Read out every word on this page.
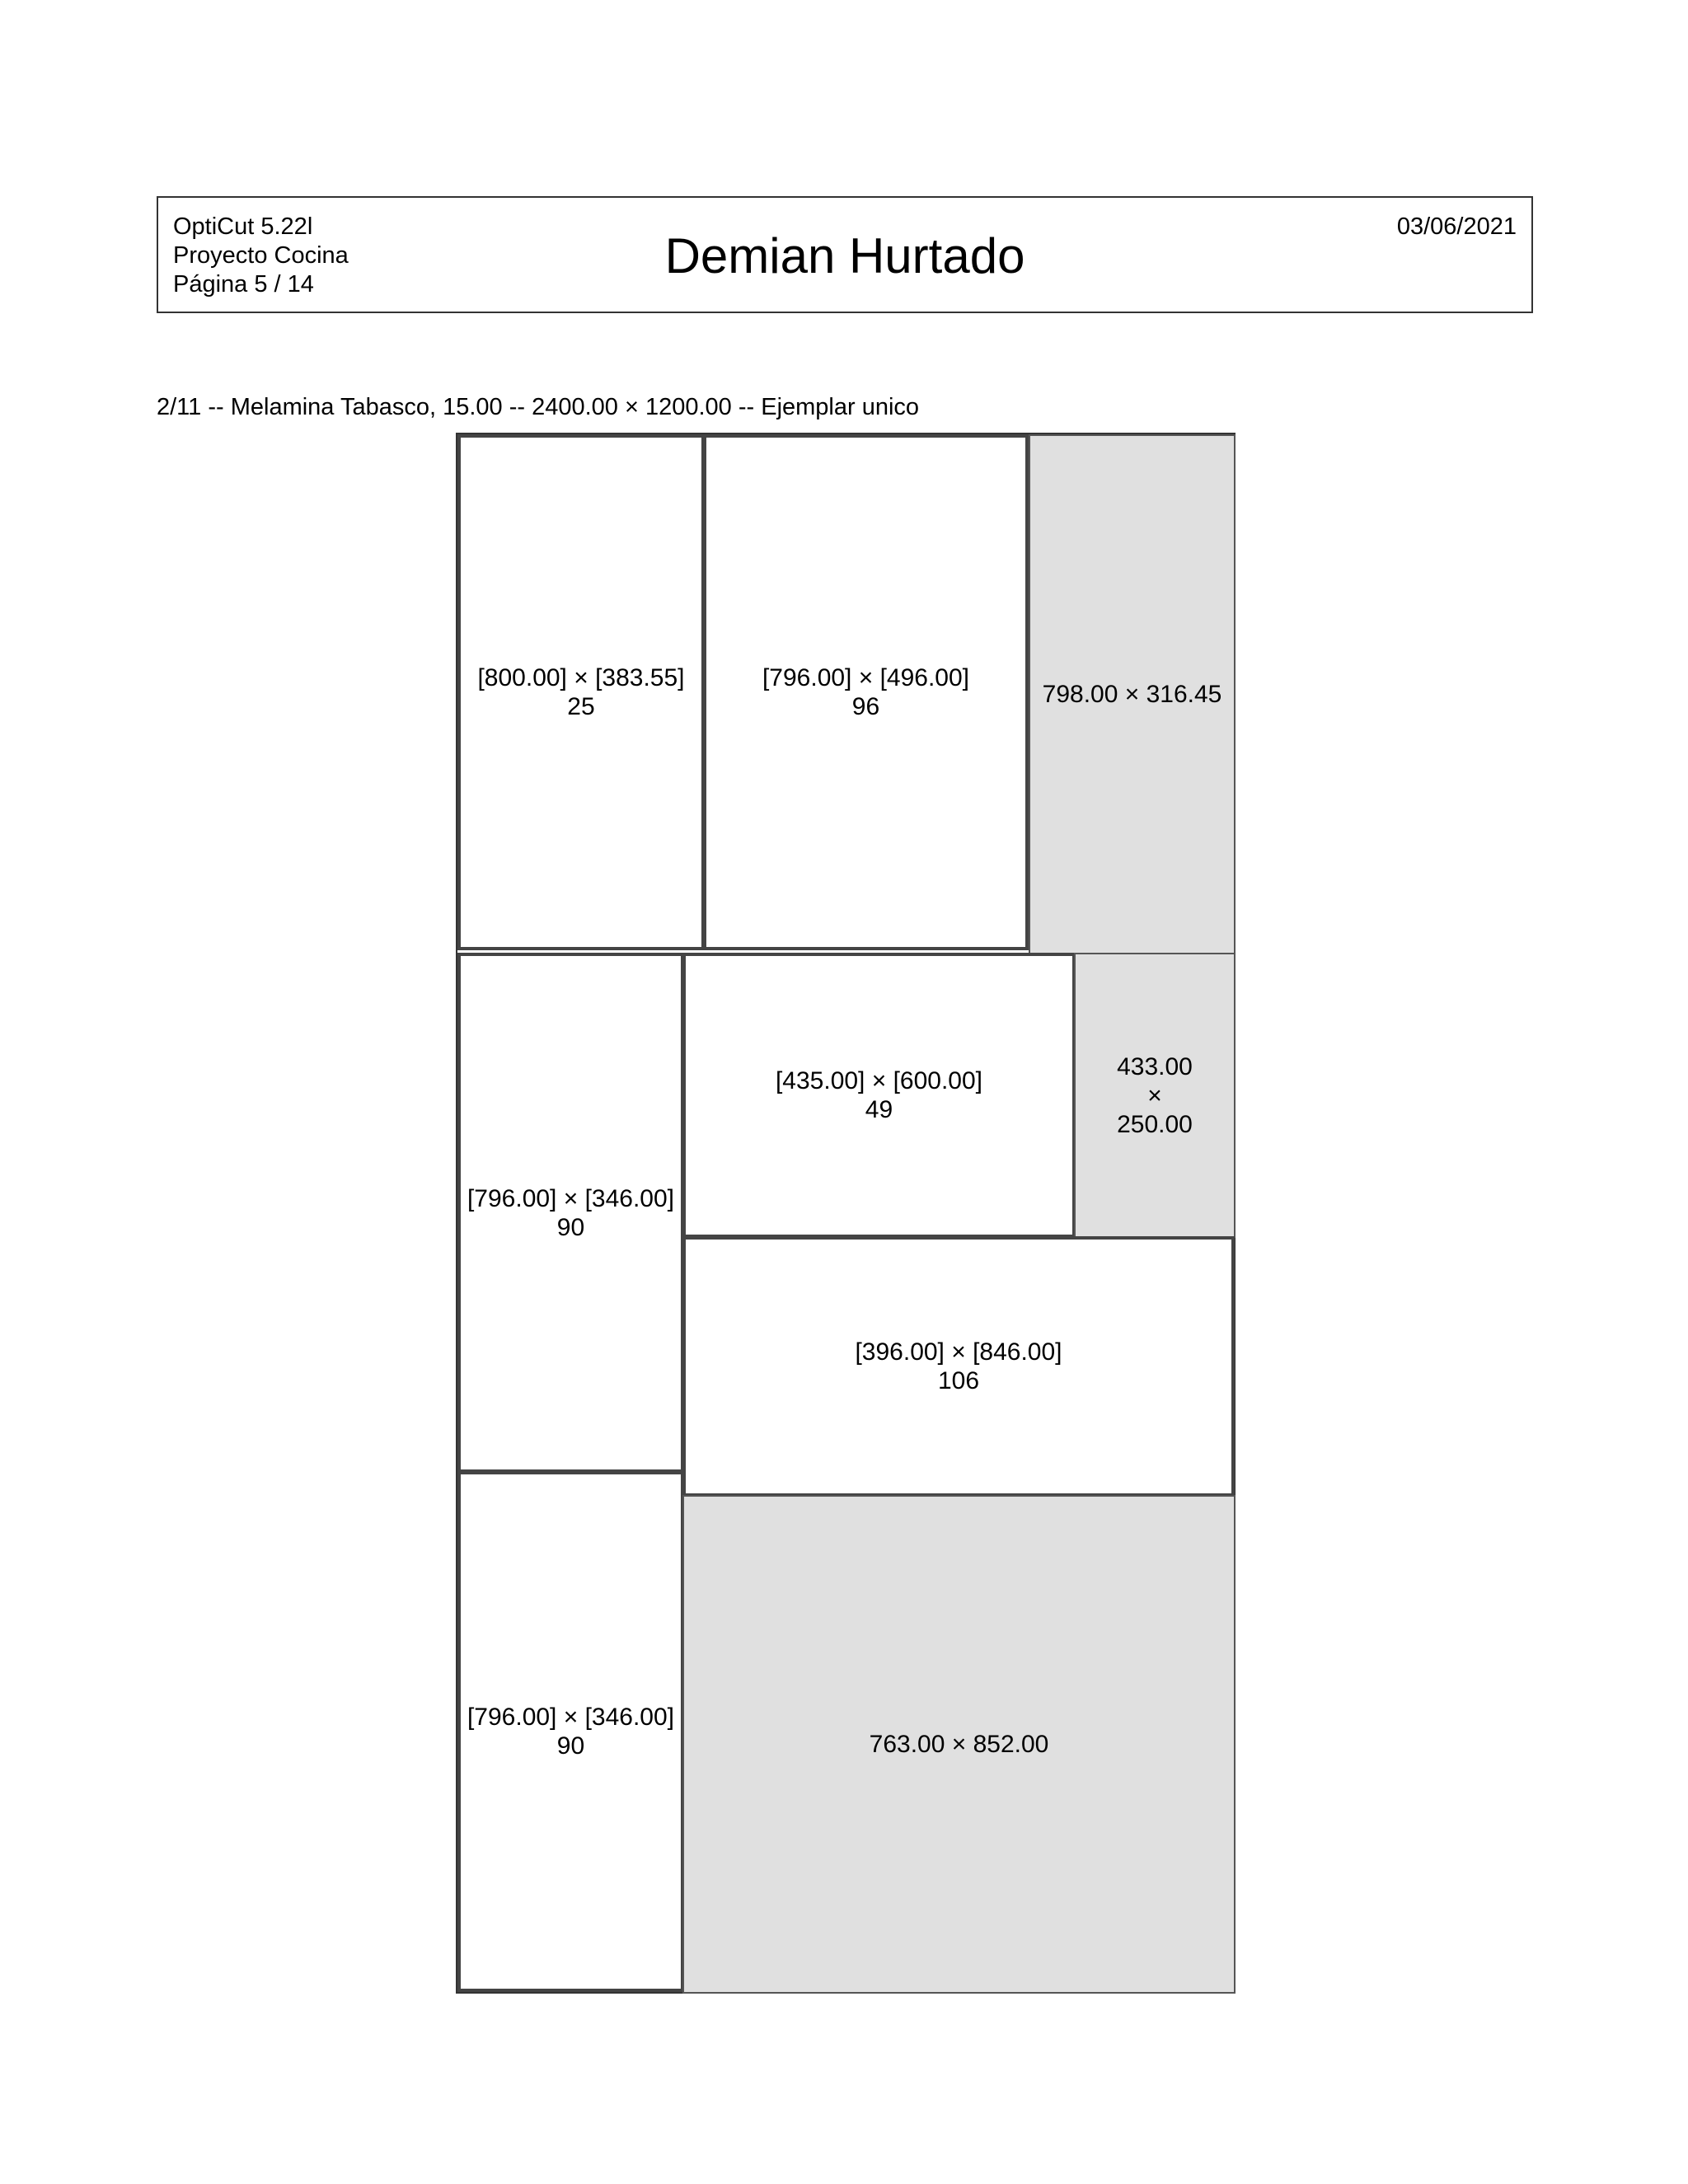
OptiCut 5.22l
Proyecto Cocina
Página 5 / 14
Demian Hurtado
03/06/2021
2/11 -- Melamina Tabasco, 15.00 -- 2400.00 × 1200.00 -- Ejemplar unico
[800.00] × [383.55]
25
[796.00] × [496.00]
96	798.00 × 316.45
[796.00] × [346.00]
90
[435.00] × [600.00]
49
433.00
×
250.00
[396.00] × [846.00]
106
[796.00] × [346.00]
90	763.00 × 852.00
